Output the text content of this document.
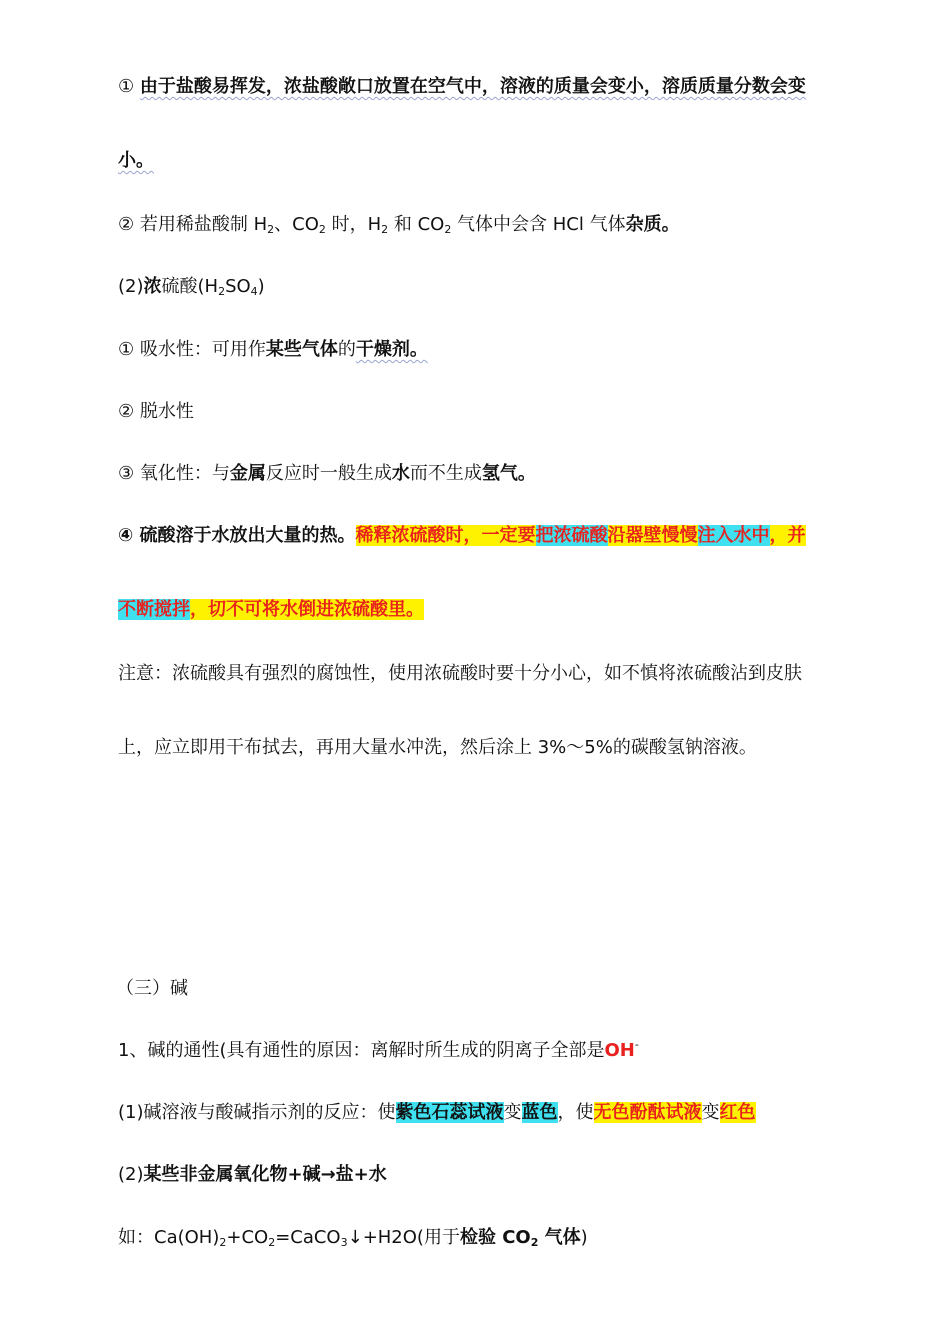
① 由于盐酸易挥发，浓盐酸敞口放置在空气中，溶液的质量会变小，溶质质量分数会变
小。
② 若用稀盐酸制 $H_2$、$CO_2$ 时，$H_2$ 和 $CO_2$ 气体中会含 HCl 气体杂质。
(2)浓硫酸$(H_2SO_4)$
① 吸水性：可用作某些气体的干燥剂。
② 脱水性
③ 氧化性：与金属反应时一般生成水而不生成氢气。
④ 硫酸溶于水放出大量的热。稀释浓硫酸时，一定要把浓硫酸沿器壁慢慢注入水中，并
不断搅拌，切不可将水倒进浓硫酸里。
注意：浓硫酸具有强烈的腐蚀性，使用浓硫酸时要十分小心，如不慎将浓硫酸沾到皮肤
上，应立即用干布拭去，再用大量水冲洗，然后涂上 3%～5%的碳酸氢钠溶液。
（三）碱
1、碱的通性(具有通性的原因：离解时所生成的阴离子全部是OH-
(1)碱溶液与酸碱指示剂的反应：使紫色石蕊试液变蓝色，使无色酚酞试液变红色
(2)某些非金属氧化物+碱→盐+水
如：$Ca(OH)_2+CO_2=CaCO_3↓+H2O$(用于检验 $CO_2$ 气体)
